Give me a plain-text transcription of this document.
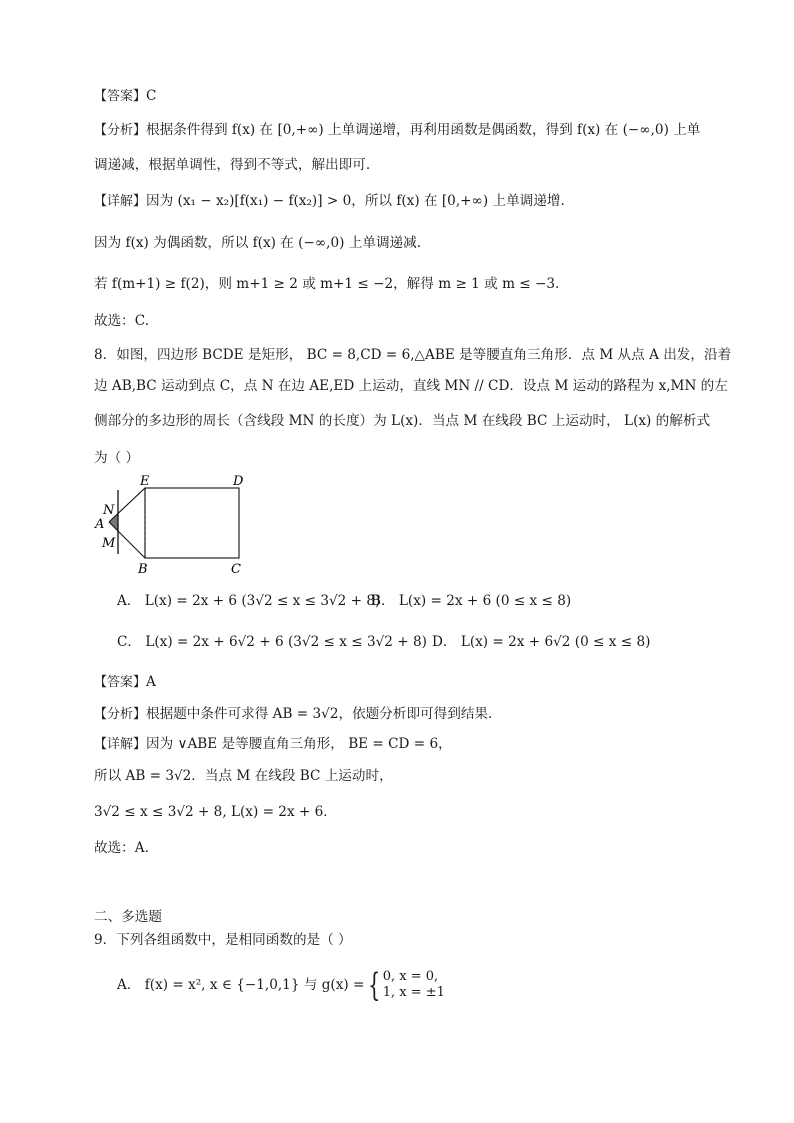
【答案】C
【分析】根据条件得到 f(x) 在 [0,+∞) 上单调递增，再利用函数是偶函数，得到 f(x) 在 (−∞,0) 上单
调递减，根据单调性，得到不等式，解出即可.
【详解】因为 (x₁ − x₂)[f(x₁) − f(x₂)] > 0，所以 f(x) 在 [0,+∞) 上单调递增.
因为 f(x) 为偶函数，所以 f(x) 在 (−∞,0) 上单调递减.
若 f(m+1) ≥ f(2)，则 m+1 ≥ 2 或 m+1 ≤ −2，解得 m ≥ 1 或 m ≤ −3.
故选：C.
8．如图，四边形 BCDE 是矩形， BC = 8,CD = 6,△ABE 是等腰直角三角形．点 M 从点 A 出发，沿着
边 AB,BC 运动到点 C，点 N 在边 AE,ED 上运动，直线 MN // CD．设点 M 运动的路程为 x,MN 的左
侧部分的多边形的周长（含线段 MN 的长度）为 L(x)．当点 M 在线段 BC 上运动时， L(x) 的解析式
为（ ）
E	D
N
A
M
B	C
A． L(x) = 2x + 6 (3√2 ≤ x ≤ 3√2 + 8)
B． L(x) = 2x + 6 (0 ≤ x ≤ 8)
C． L(x) = 2x + 6√2 + 6 (3√2 ≤ x ≤ 3√2 + 8) D． L(x) = 2x + 6√2 (0 ≤ x ≤ 8)
【答案】A
【分析】根据题中条件可求得 AB = 3√2，依题分析即可得到结果.
【详解】因为 ∨ABE 是等腰直角三角形， BE = CD = 6，
所以 AB = 3√2．当点 M 在线段 BC 上运动时，
3√2 ≤ x ≤ 3√2 + 8, L(x) = 2x + 6．
故选：A.
二、多选题
9．下列各组函数中，是相同函数的是（ ）
A． f(x) = x², x ∈ {−1,0,1} 与 g(x) = { 0, x = 0,
1, x = ±1
